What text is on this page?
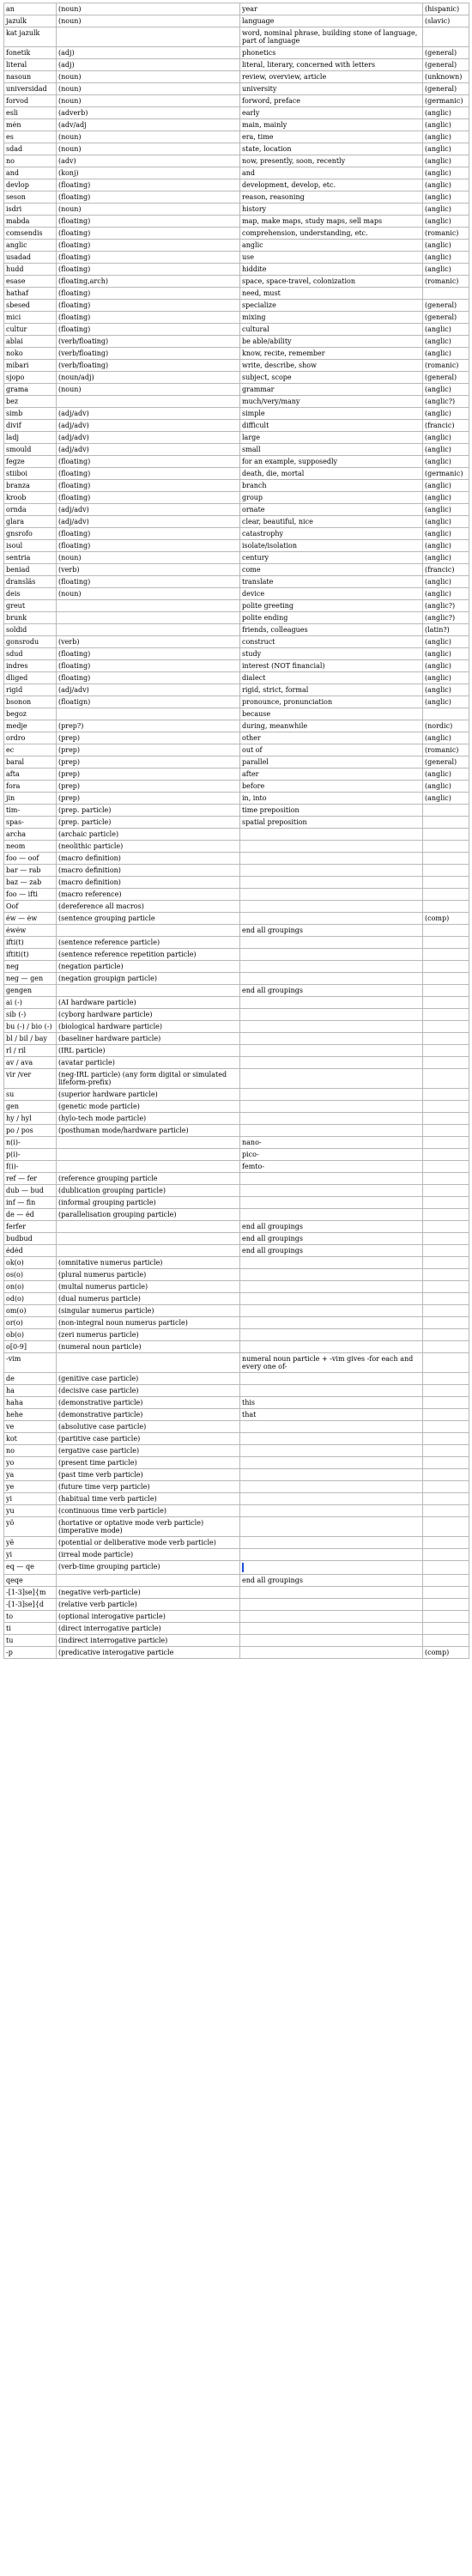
an	(noun)	year	(hispanic)
jazulk	(noun)	language	(slavic)
kat jazulk		word, nominal phrase, building stone of language, part of language	
fonetik	(adj)	phonetics	(general)
literal	(adj)	literal, literary, concerned with letters	(general)
nasoun	(noun)	review, overview, article	(unknown)
universidad	(noun)	university	(general)
forvod	(noun)	forword, preface	(germanic)
esli	(adverb)	early	(anglic)
mėn	(adv/adj	main, mainly	(anglic)
es	(noun)	era, time	(anglic)
sdad	(noun)	state, location	(anglic)
no	(adv)	now, presently, soon, recently	(anglic)
and	(konj)	and	(anglic)
devlop	(floating)	development, develop, etc.	(anglic)
seson	(floating)	reason, reasoning	(anglic)
isdri	(noun)	history	(anglic)
mabda	(floating)	map, make maps, study maps, sell maps	(anglic)
comsendis	(floating)	comprehension, understanding, etc.	(romanic)
anglic	(floating)	anglic	(anglic)
usadad	(floating)	use	(anglic)
hudd	(floating)	hiddite	(anglic)
esase	(floating,arch)	space, space-travel, colonization	(romanic)
hathaf	(floating)	need, must	
sbesed	(floating)	specialize	(general)
mici	(floating)	mixing	(general)
cultur	(floating)	cultural	(anglic)
ablai	(verb/floating)	be able/ability	(anglic)
noko	(verb/floating)	know, recite, remember	(anglic)
mibari	(verb/floating)	write, describe, show	(romanic)
sjopo	(noun/adj)	subject, scope	(general)
grama	(noun)	grammar	(anglic)
bez		much/very/many	(anglic?)
simb	(adj/adv)	simple	(anglic)
divif	(adj/adv)	difficult	(francic)
ladj	(adj/adv)	large	(anglic)
smould	(adj/adv)	small	(anglic)
fegze	(floating)	for an example, supposedly	(anglic)
stiiboi	(floating)	death, die, mortal	(germanic)
branza	(floating)	branch	(anglic)
kroob	(floating)	group	(anglic)
ornda	(adj/adv)	ornate	(anglic)
glara	(adj/adv)	clear, beautiful, nice	(anglic)
gnsrofo	(floating)	catastrophy	(anglic)
isoul	(floating)	isolate/isolation	(anglic)
sentria	(noun)	century	(anglic)
beniad	(verb)	come	(francic)
dransläs	(floating)	translate	(anglic)
deis	(noun)	device	(anglic)
greut		polite greeting	(anglic?)
brunk		polite ending	(anglic?)
soldid		friends, colleagues	(latin?)
gonsrodu	(verb)	construct	(anglic)
sdud	(floating)	study	(anglic)
indres	(floating)	interest (NOT financial)	(anglic)
dliged	(floating)	dialect	(anglic)
rigid	(adj/adv)	rigid, strict, formal	(anglic)
bsonon	(floatign)	pronounce, pronunciation	(anglic)
begoz		because	
medje	(prep?)	during, meanwhile	(nordic)
ordro	(prep)	other	(anglic)
ec	(prep)	out of	(romanic)
baral	(prep)	parallel	(general)
afta	(prep)	after	(anglic)
fora	(prep)	before	(anglic)
jin	(prep)	in, into	(anglic)
tim-	(prep. particle)	time preposition	
spas-	(prep. particle)	spatial preposition	
archa	(archaic particle)		
neom	(neolithic particle)		
foo — oof	(macro definition)		
bar — rab	(macro definition)		
baz — zab	(macro definition)		
foo — ifti	(macro reference)		
Oof	(dereference all macros)		
ėw — ėw	(sentence grouping particle		(comp)
ėwėw		end all groupings	
ifti(t)	(sentence reference particle)		
iftiti(t)	(sentence reference repetition particle)		
neg	(negation particle)		
neg — gen	(negation groupign particle)		
gengen		end all groupings	
ai (-)	(AI hardware particle)		
sib (-)	(cyborg hardware particle)		
bu (-) / bio (-)	(biological hardware particle)		
bl / bil / bay	(baseliner hardware particle)		
rl / ril	(IRL particle)		
av / ava	(avatar particle)		
vir /ver	(neg-IRL particle) (any form digital or simulated lifeform-prefix)		
su	(superior hardware particle)		
gen	(genetic mode particle)		
hy / hyl	(hylo-tech mode particle)		
po / pos	(posthuman mode/hardware particle)		
n(i)-		nano-	
p(i)-		pico-	
f(i)-		femto-	
ref — fer	(reference grouping particle		
dub — bud	(dublication grouping particle)		
inf — fin	(informal grouping particle)		
de — ėd	(parallelisation grouping particle)		
ferfer		end all groupings	
budbud		end all groupings	
ėdėd		end all groupings	
ok(o)	(omnitative numerus particle)		
os(o)	(plural numerus particle)		
on(o)	(multal numerus particle)		
od(o)	(dual numerus particle)		
om(o)	(singular numerus particle)		
or(o)	(non-integral noun numerus particle)		
ob(o)	(zeri numerus particle)		
o[0-9]	(numeral noun particle)		
-vim		numeral noun particle + -vim gives -for each and every one of-	
de	(genitive case particle)		
ha	(decisive case particle)		
haha	(demonstrative particle)	this	
hehe	(demonstrative particle)	that	
ve	(absolutive case particle)		
kot	(partitive case particle)		
no	(ergative case particle)		
yo	(present time particle)		
ya	(past time verb particle)		
ye	(future time verp particle)		
yi	(habitual time verb particle)		
yu	(continuous time verb particle)		
yö	(hortative or optative mode verb particle) (imperative mode)		
yë	(potential or deliberative mode verb particle)		
yi	(irreal mode particle)		
eq — qe	(verb-time grouping particle)		
qeqe		end all groupings	
-[1-3]se]{m	(negative verb-particle)		
-[1-3]se]{d	(relative verb particle)		
to	(optional interogative particle)		
ti	(direct interrogative particle)		
tu	(indirect interrogative particle)		
-p	(predicative interogative particle		(comp)
